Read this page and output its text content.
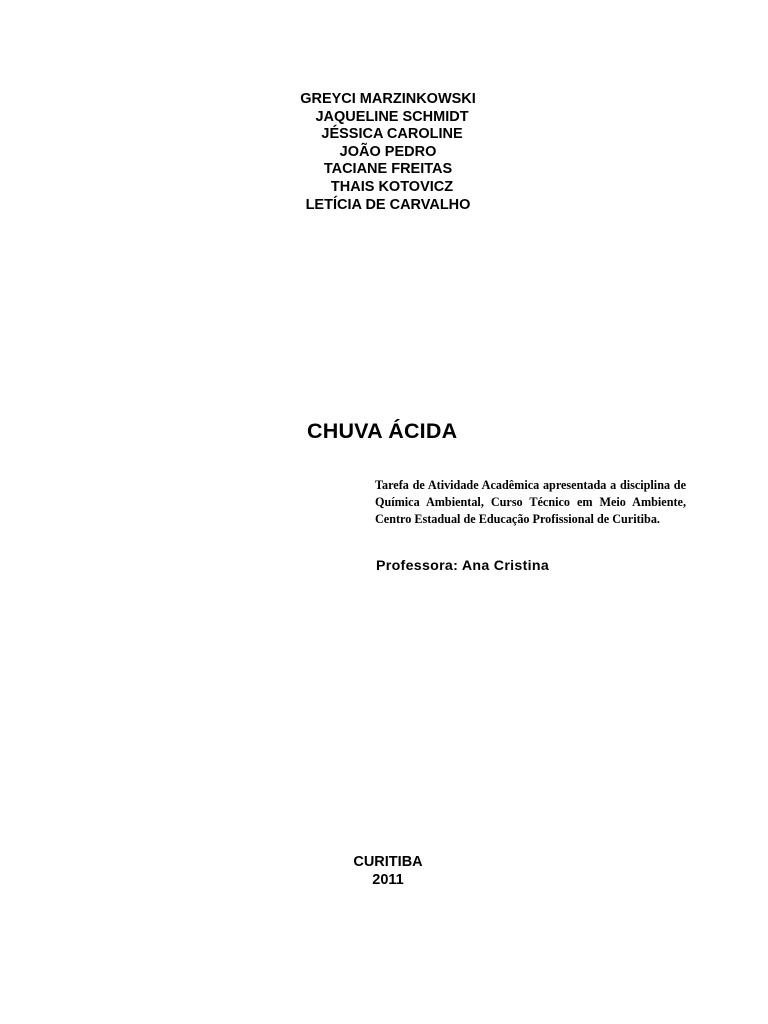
GREYCI MARZINKOWSKI
JAQUELINE SCHMIDT
JÉSSICA CAROLINE
JOÃO PEDRO
TACIANE FREITAS
THAIS KOTOVICZ
LETÍCIA DE CARVALHO
CHUVA ÁCIDA

Tarefa de Atividade Acadêmica apresentada a disciplina de Química Ambiental, Curso Técnico em Meio Ambiente, Centro Estadual de Educação Profissional de Curitiba.

Professora: Ana Cristina
CURITIBA
2011
